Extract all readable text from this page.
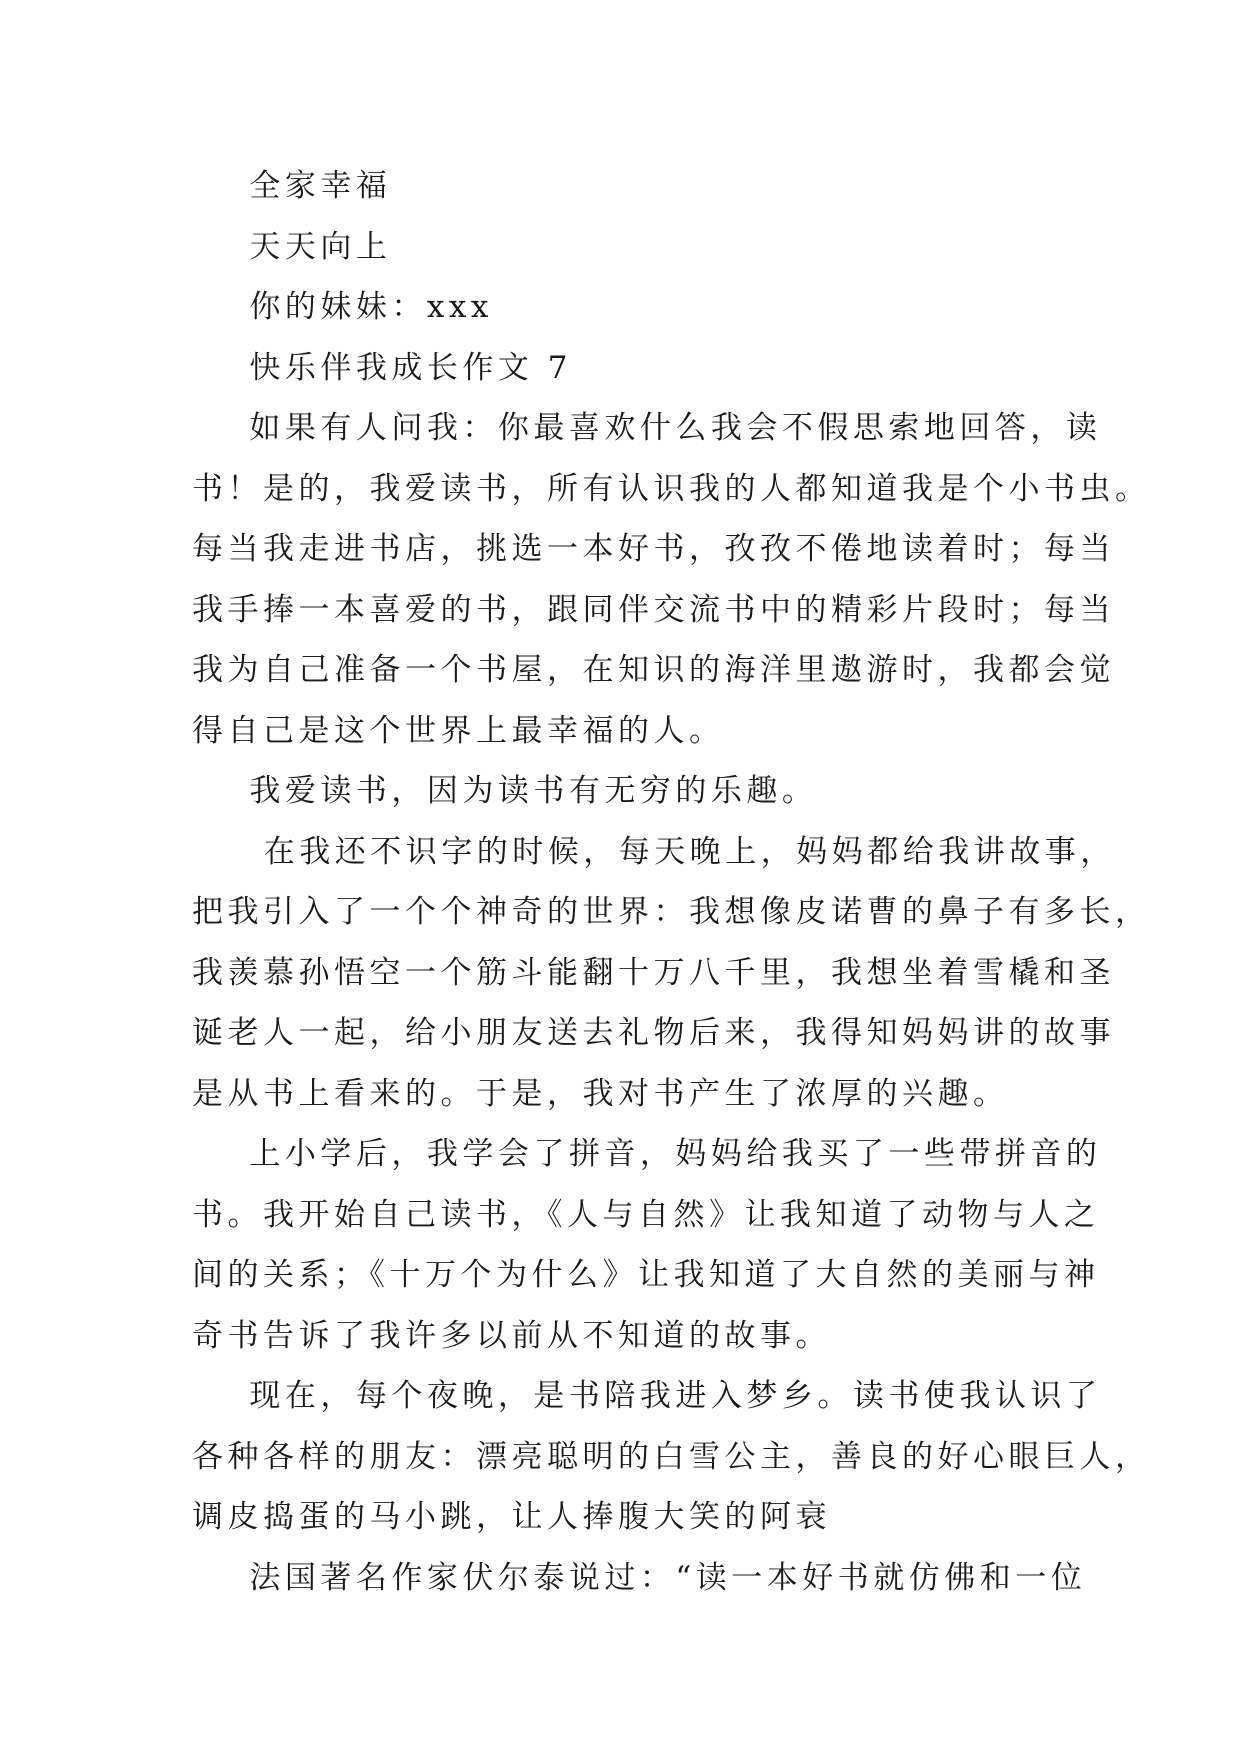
全家幸福
天天向上
你的妹妹：xxx
快乐伴我成长作文 7
如果有人问我：你最喜欢什么我会不假思索地回答，读
书！是的，我爱读书，所有认识我的人都知道我是个小书虫。
每当我走进书店，挑选一本好书，孜孜不倦地读着时；每当
我手捧一本喜爱的书，跟同伴交流书中的精彩片段时；每当
我为自己准备一个书屋，在知识的海洋里遨游时，我都会觉
得自己是这个世界上最幸福的人。
我爱读书，因为读书有无穷的乐趣。
在我还不识字的时候，每天晚上，妈妈都给我讲故事，
把我引入了一个个神奇的世界：我想像皮诺曹的鼻子有多长，
我羡慕孙悟空一个筋斗能翻十万八千里，我想坐着雪橇和圣
诞老人一起，给小朋友送去礼物后来，我得知妈妈讲的故事
是从书上看来的。于是，我对书产生了浓厚的兴趣。
上小学后，我学会了拼音，妈妈给我买了一些带拼音的
书。我开始自己读书，《人与自然》让我知道了动物与人之
间的关系；《十万个为什么》让我知道了大自然的美丽与神
奇书告诉了我许多以前从不知道的故事。
现在，每个夜晚，是书陪我进入梦乡。读书使我认识了
各种各样的朋友：漂亮聪明的白雪公主，善良的好心眼巨人，
调皮捣蛋的马小跳，让人捧腹大笑的阿衰
法国著名作家伏尔泰说过：“读一本好书就仿佛和一位
